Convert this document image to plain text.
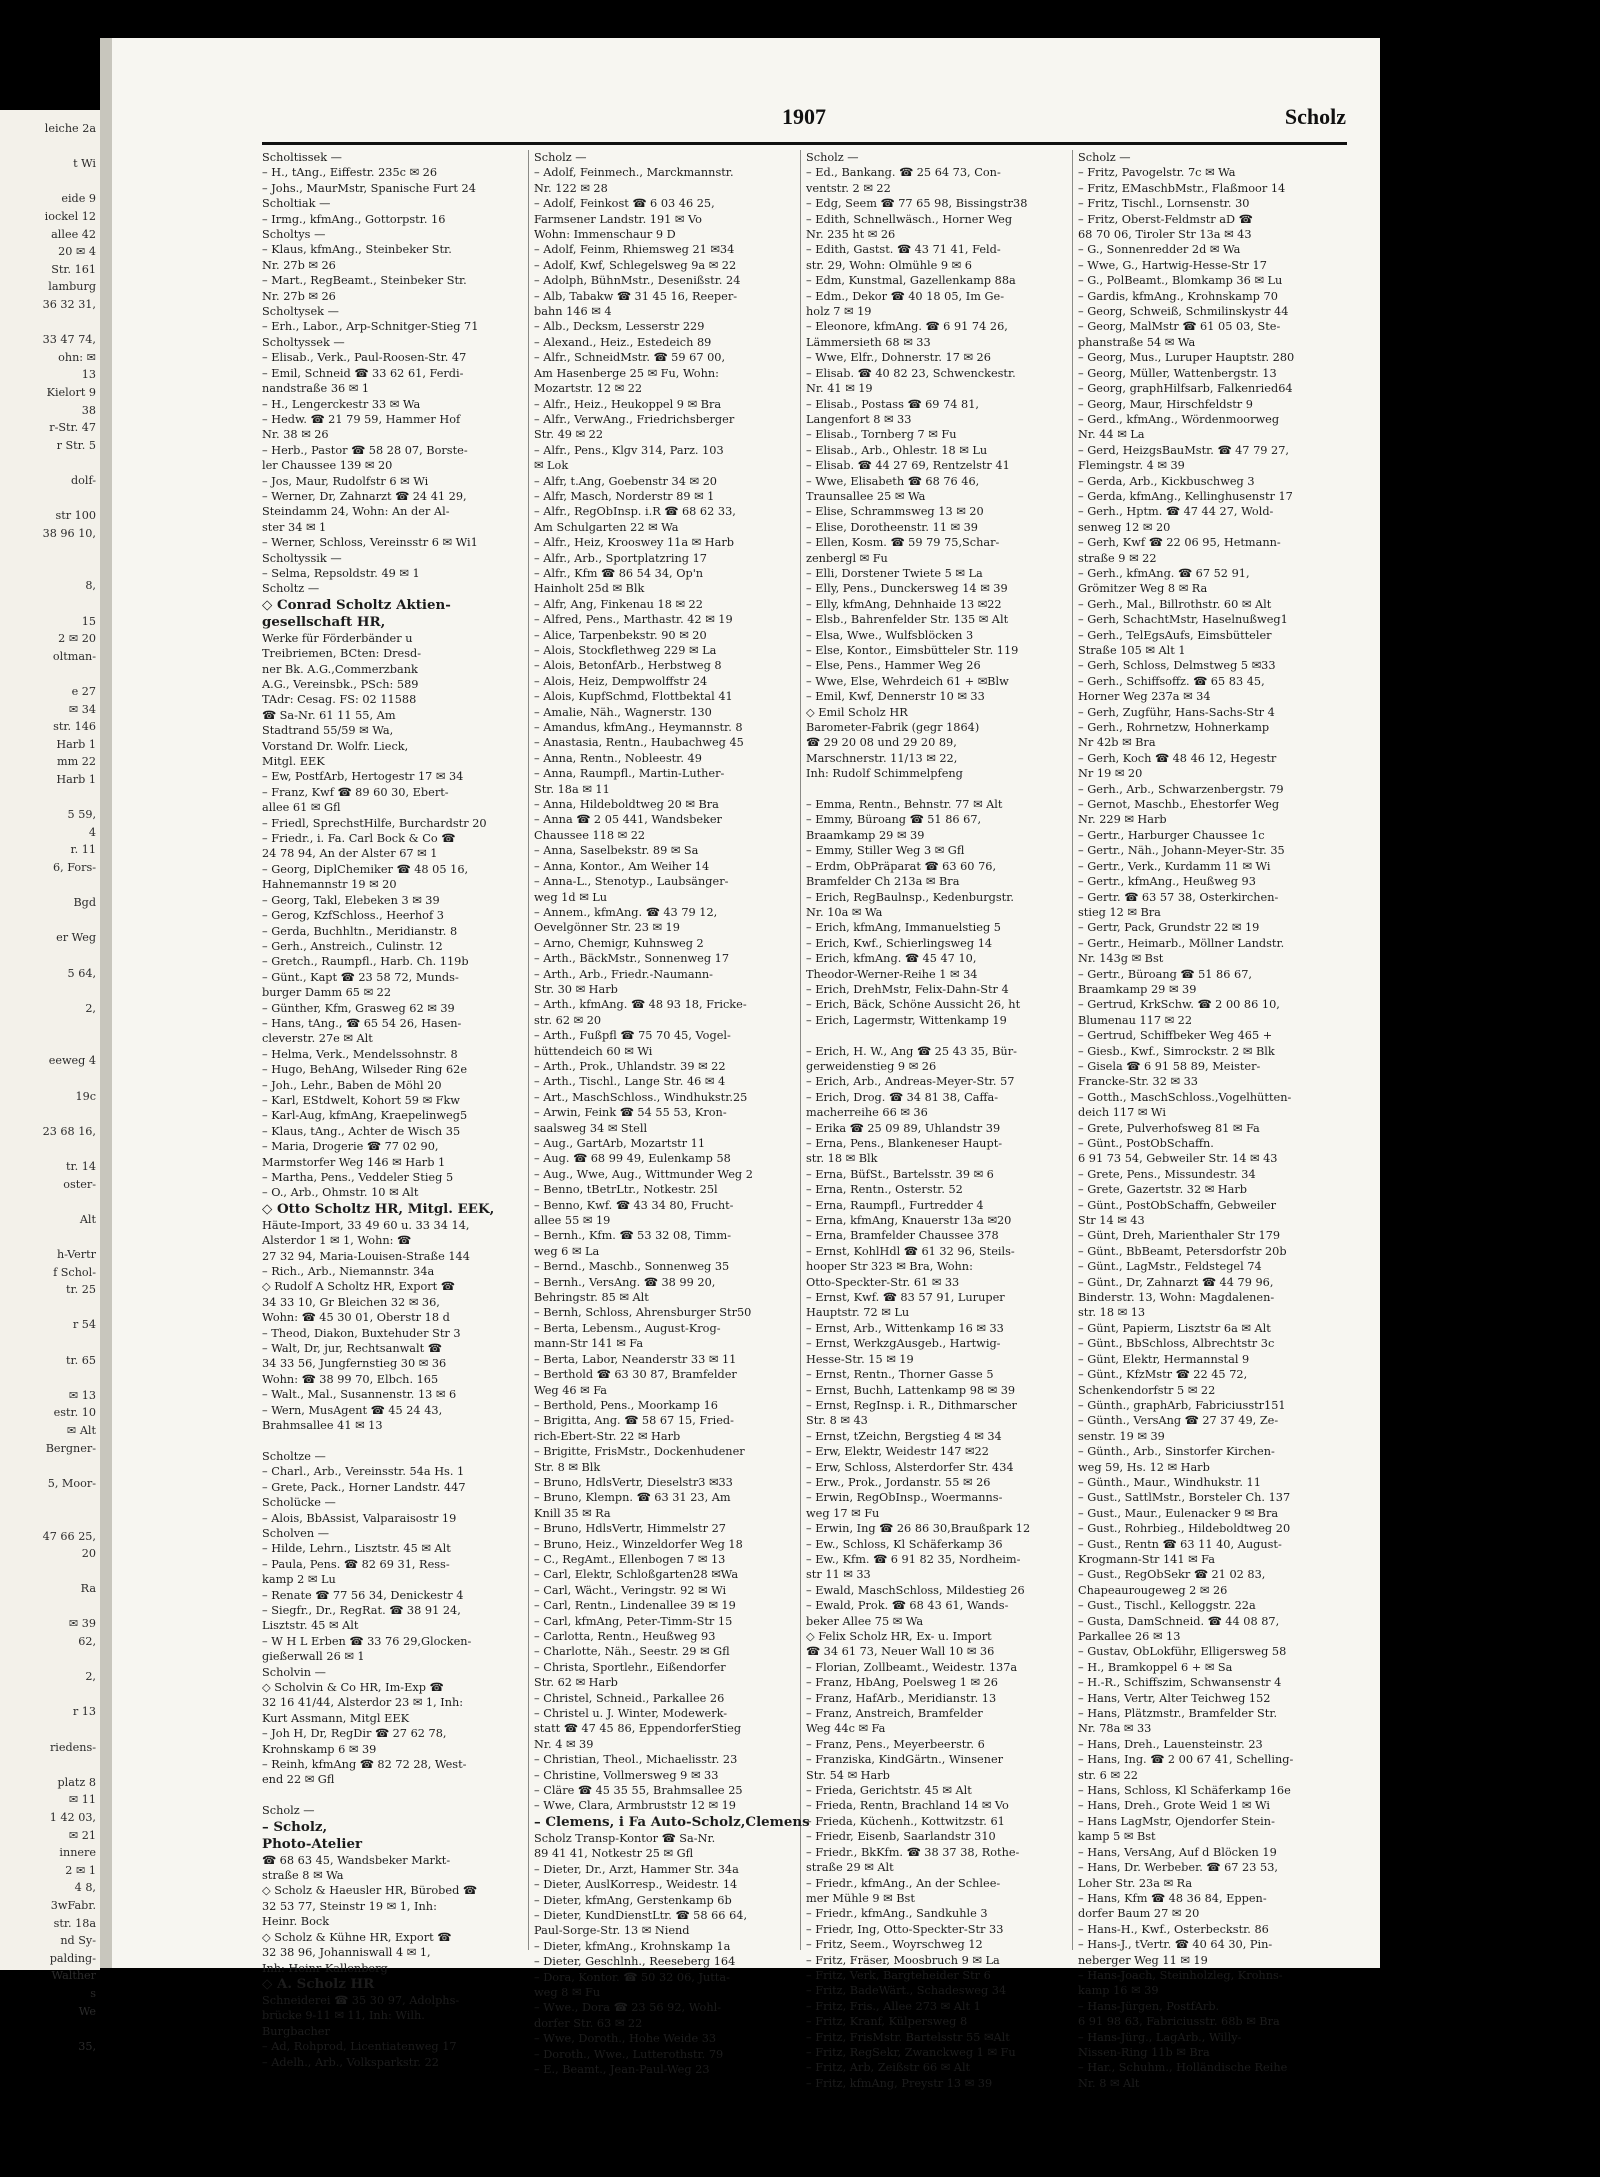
1907	Scholz
Scholtissek —
– H., tAng., Eiffestr. 235c ✉ 26
– Johs., MaurMstr, Spanische Furt 24
Scholtiak —
– Irmg., kfmAng., Gottorpstr. 16
Scholtys —
– Klaus, kfmAng., Steinbeker Str.
Nr. 27b ✉ 26
– Mart., RegBeamt., Steinbeker Str.
Nr. 27b ✉ 26
Scholtysek —
– Erh., Labor., Arp-Schnitger-Stieg 71
Scholtyssek —
– Elisab., Verk., Paul-Roosen-Str. 47
– Emil, Schneid ☎ 33 62 61, Ferdi-
nandstraße 36 ✉ 1
– H., Lengerckestr 33 ✉ Wa
– Hedw. ☎ 21 79 59, Hammer Hof
Nr. 38 ✉ 26
– Herb., Pastor ☎ 58 28 07, Borste-
ler Chaussee 139 ✉ 20
– Jos, Maur, Rudolfstr 6 ✉ Wi
– Werner, Dr, Zahnarzt ☎ 24 41 29,
Steindamm 24, Wohn: An der Al-
ster 34 ✉ 1
– Werner, Schloss, Vereinsstr 6 ✉ Wi1
Scholtyssik —
– Selma, Repsoldstr. 49 ✉ 1
Scholtz —
◇ Conrad Scholtz Aktien-
gesellschaft HR,
Werke für Förderbänder u
Treibriemen, BCten: Dresd-
ner Bk. A.G.,Commerzbank
A.G., Vereinsbk., PSch: 589
TAdr: Cesag. FS: 02 11588
☎ Sa-Nr. 61 11 55, Am
Stadtrand 55/59 ✉ Wa,
Vorstand Dr. Wolfr. Lieck,
Mitgl. EEK
– Ew, PostfArb, Hertogestr 17 ✉ 34
– Franz, Kwf ☎ 89 60 30, Ebert-
allee 61 ✉ Gfl
– Friedl, SprechstHilfe, Burchardstr 20
– Friedr., i. Fa. Carl Bock & Co ☎
24 78 94, An der Alster 67 ✉ 1
– Georg, DiplChemiker ☎ 48 05 16,
Hahnemannstr 19 ✉ 20
– Georg, Takl, Elebeken 3 ✉ 39
– Gerog, KzfSchloss., Heerhof 3
– Gerda, Buchhltn., Meridianstr. 8
– Gerh., Anstreich., Culinstr. 12
– Gretch., Raumpfl., Harb. Ch. 119b
– Günt., Kapt ☎ 23 58 72, Munds-
burger Damm 65 ✉ 22
– Günther, Kfm, Grasweg 62 ✉ 39
– Hans, tAng., ☎ 65 54 26, Hasen-
cleverstr. 27e ✉ Alt
– Helma, Verk., Mendelssohnstr. 8
– Hugo, BehAng, Wilseder Ring 62e
– Joh., Lehr., Baben de Möhl 20
– Karl, EStdwelt, Kohort 59 ✉ Fkw
– Karl-Aug, kfmAng, Kraepelinweg5
– Klaus, tAng., Achter de Wisch 35
– Maria, Drogerie ☎ 77 02 90,
Marmstorfer Weg 146 ✉ Harb 1
– Martha, Pens., Veddeler Stieg 5
– O., Arb., Ohmstr. 10 ✉ Alt
◇ Otto Scholtz HR, Mitgl. EEK,
Häute-Import, 33 49 60 u. 33 34 14,
Alsterdor 1 ✉ 1, Wohn: ☎
27 32 94, Maria-Louisen-Straße 144
– Rich., Arb., Niemannstr. 34a
◇ Rudolf A Scholtz HR, Export ☎
34 33 10, Gr Bleichen 32 ✉ 36,
Wohn: ☎ 45 30 01, Oberstr 18 d
– Theod, Diakon, Buxtehuder Str 3
– Walt, Dr, jur, Rechtsanwalt ☎
34 33 56, Jungfernstieg 30 ✉ 36
Wohn: ☎ 38 99 70, Elbch. 165
– Walt., Mal., Susannenstr. 13 ✉ 6
– Wern, MusAgent ☎ 45 24 43,
Brahmsallee 41 ✉ 13

Scholtze —
– Charl., Arb., Vereinsstr. 54a Hs. 1
– Grete, Pack., Horner Landstr. 447
Scholücke —
– Alois, BbAssist, Valparaisostr 19
Scholven —
– Hilde, Lehrn., Lisztstr. 45 ✉ Alt
– Paula, Pens. ☎ 82 69 31, Ress-
kamp 2 ✉ Lu
– Renate ☎ 77 56 34, Denickestr 4
– Siegfr., Dr., RegRat. ☎ 38 91 24,
Lisztstr. 45 ✉ Alt
– W H L Erben ☎ 33 76 29,Glocken-
gießerwall 26 ✉ 1
Scholvin —
◇ Scholvin & Co HR, Im-Exp ☎
32 16 41/44, Alsterdor 23 ✉ 1, Inh:
Kurt Assmann, Mitgl EEK
– Joh H, Dr, RegDir ☎ 27 62 78,
Krohnskamp 6 ✉ 39
– Reinh, kfmAng ☎ 82 72 28, West-
end 22 ✉ Gfl

Scholz —
– Scholz,
Photo-Atelier
☎ 68 63 45, Wandsbeker Markt-
straße 8 ✉ Wa
◇ Scholz & Haeusler HR, Bürobed ☎
32 53 77, Steinstr 19 ✉ 1, Inh:
Heinr. Bock
◇ Scholz & Kühne HR, Export ☎
32 38 96, Johanniswall 4 ✉ 1,
Inh: Heinr Kallenberg
◇ A. Scholz HR
Schneiderei ☎ 35 30 97, Adolphs-
brücke 9-11 ✉ 11, Inh: Wilh.
Burgbacher
– Ad, Rohprod, Licentiatenweg 17
– Adelh., Arb., Volksparkstr. 22
Scholz —
– Adolf, Feinmech., Marckmannstr.
Nr. 122 ✉ 28
– Adolf, Feinkost ☎ 6 03 46 25,
Farmsener Landstr. 191 ✉ Vo
Wohn: Immenschaur 9 D
– Adolf, Feinm, Rhiemsweg 21 ✉34
– Adolf, Kwf, Schlegelsweg 9a ✉ 22
– Adolph, BühnMstr., Desenißstr. 24
– Alb, Tabakw ☎ 31 45 16, Reeper-
bahn 146 ✉ 4
– Alb., Decksm, Lesserstr 229
– Alexand., Heiz., Estedeich 89
– Alfr., SchneidMstr. ☎ 59 67 00,
Am Hasenberge 25 ✉ Fu, Wohn:
Mozartstr. 12 ✉ 22
– Alfr., Heiz., Heukoppel 9 ✉ Bra
– Alfr., VerwAng., Friedrichsberger
Str. 49 ✉ 22
– Alfr., Pens., Klgv 314, Parz. 103
✉ Lok
– Alfr, t.Ang, Goebenstr 34 ✉ 20
– Alfr, Masch, Norderstr 89 ✉ 1
– Alfr., RegObInsp. i.R ☎ 68 62 33,
Am Schulgarten 22 ✉ Wa
– Alfr., Heiz, Krooswey 11a ✉ Harb
– Alfr., Arb., Sportplatzring 17
– Alfr., Kfm ☎ 86 54 34, Op'n
Hainholt 25d ✉ Blk
– Alfr, Ang, Finkenau 18 ✉ 22
– Alfred, Pens., Marthastr. 42 ✉ 19
– Alice, Tarpenbekstr. 90 ✉ 20
– Alois, Stockflethweg 229 ✉ La
– Alois, BetonfArb., Herbstweg 8
– Alois, Heiz, Dempwolffstr 24
– Alois, KupfSchmd, Flottbektal 41
– Amalie, Näh., Wagnerstr. 130
– Amandus, kfmAng., Heymannstr. 8
– Anastasia, Rentn., Haubachweg 45
– Anna, Rentn., Nobleestr. 49
– Anna, Raumpfl., Martin-Luther-
Str. 18a ✉ 11
– Anna, Hildeboldtweg 20 ✉ Bra
– Anna ☎ 2 05 441, Wandsbeker
Chaussee 118 ✉ 22
– Anna, Saselbekstr. 89 ✉ Sa
– Anna, Kontor., Am Weiher 14
– Anna-L., Stenotyp., Laubsänger-
weg 1d ✉ Lu
– Annem., kfmAng. ☎ 43 79 12,
Oevelgönner Str. 23 ✉ 19
– Arno, Chemigr, Kuhnsweg 2
– Arth., BäckMstr., Sonnenweg 17
– Arth., Arb., Friedr.-Naumann-
Str. 30 ✉ Harb
– Arth., kfmAng. ☎ 48 93 18, Fricke-
str. 62 ✉ 20
– Arth., Fußpfl ☎ 75 70 45, Vogel-
hüttendeich 60 ✉ Wi
– Arth., Prok., Uhlandstr. 39 ✉ 22
– Arth., Tischl., Lange Str. 46 ✉ 4
– Art., MaschSchloss., Windhukstr.25
– Arwin, Feink ☎ 54 55 53, Kron-
saalsweg 34 ✉ Stell
– Aug., GartArb, Mozartstr 11
– Aug. ☎ 68 99 49, Eulenkamp 58
– Aug., Wwe, Aug., Wittmunder Weg 2
– Benno, tBetrLtr., Notkestr. 25l
– Benno, Kwf. ☎ 43 34 80, Frucht-
allee 55 ✉ 19
– Bernh., Kfm. ☎ 53 32 08, Timm-
weg 6 ✉ La
– Bernd., Maschb., Sonnenweg 35
– Bernh., VersAng. ☎ 38 99 20,
Behringstr. 85 ✉ Alt
– Bernh, Schloss, Ahrensburger Str50
– Berta, Lebensm., August-Krog-
mann-Str 141 ✉ Fa
– Berta, Labor, Neanderstr 33 ✉ 11
– Berthold ☎ 63 30 87, Bramfelder
Weg 46 ✉ Fa
– Berthold, Pens., Moorkamp 16
– Brigitta, Ang. ☎ 58 67 15, Fried-
rich-Ebert-Str. 22 ✉ Harb
– Brigitte, FrisMstr., Dockenhudener
Str. 8 ✉ Blk
– Bruno, HdlsVertr, Dieselstr3 ✉33
– Bruno, Klempn. ☎ 63 31 23, Am
Knill 35 ✉ Ra
– Bruno, HdlsVertr, Himmelstr 27
– Bruno, Heiz., Winzeldorfer Weg 18
– C., RegAmt., Ellenbogen 7 ✉ 13
– Carl, Elektr, Schloßgarten28 ✉Wa
– Carl, Wächt., Veringstr. 92 ✉ Wi
– Carl, Rentn., Lindenallee 39 ✉ 19
– Carl, kfmAng, Peter-Timm-Str 15
– Carlotta, Rentn., Heußweg 93
– Charlotte, Näh., Seestr. 29 ✉ Gfl
– Christa, Sportlehr., Eißendorfer
Str. 62 ✉ Harb
– Christel, Schneid., Parkallee 26
– Christel u. J. Winter, Modewerk-
statt ☎ 47 45 86, EppendorferStieg
Nr. 4 ✉ 39
– Christian, Theol., Michaelisstr. 23
– Christine, Vollmersweg 9 ✉ 33
– Cläre ☎ 45 35 55, Brahmsallee 25
– Wwe, Clara, Armbruststr 12 ✉ 19
– Clemens, i Fa Auto-Scholz,Clemens
Scholz Transp-Kontor ☎ Sa-Nr.
89 41 41, Notkestr 25 ✉ Gfl
– Dieter, Dr., Arzt, Hammer Str. 34a
– Dieter, AuslKorresp., Weidestr. 14
– Dieter, kfmAng, Gerstenkamp 6b
– Dieter, KundDienstLtr. ☎ 58 66 64,
Paul-Sorge-Str. 13 ✉ Niend
– Dieter, kfmAng., Krohnskamp 1a
– Dieter, Geschlnh., Reeseberg 164
– Dora, Kontor. ☎ 50 32 06, Jutta-
weg 8 ✉ Fu
– Wwe., Dora ☎ 23 56 92, Wohl-
dorfer Str. 63 ✉ 22
– Wwe, Doroth., Hohe Weide 33
– Doroth., Wwe., Lutterothstr. 79
– E., Beamt., Jean-Paul-Weg 23
Scholz —
– Ed., Bankang. ☎ 25 64 73, Con-
ventstr. 2 ✉ 22
– Edg, Seem ☎ 77 65 98, Bissingstr38
– Edith, Schnellwäsch., Horner Weg
Nr. 235 ht ✉ 26
– Edith, Gastst. ☎ 43 71 41, Feld-
str. 29, Wohn: Olmühle 9 ✉ 6
– Edm, Kunstmal, Gazellenkamp 88a
– Edm., Dekor ☎ 40 18 05, Im Ge-
holz 7 ✉ 19
– Eleonore, kfmAng. ☎ 6 91 74 26,
Lämmersieth 68 ✉ 33
– Wwe, Elfr., Dohnerstr. 17 ✉ 26
– Elisab. ☎ 40 82 23, Schwenckestr.
Nr. 41 ✉ 19
– Elisab., Postass ☎ 69 74 81,
Langenfort 8 ✉ 33
– Elisab., Tornberg 7 ✉ Fu
– Elisab., Arb., Ohlestr. 18 ✉ Lu
– Elisab. ☎ 44 27 69, Rentzelstr 41
– Wwe, Elisabeth ☎ 68 76 46,
Traunsallee 25 ✉ Wa
– Elise, Schrammsweg 13 ✉ 20
– Elise, Dorotheenstr. 11 ✉ 39
– Ellen, Kosm. ☎ 59 79 75,Schar-
zenbergl ✉ Fu
– Elli, Dorstener Twiete 5 ✉ La
– Elly, Pens., Dunckersweg 14 ✉ 39
– Elly, kfmAng, Dehnhaide 13 ✉22
– Elsb., Bahrenfelder Str. 135 ✉ Alt
– Elsa, Wwe., Wulfsblöcken 3
– Else, Kontor., Eimsbütteler Str. 119
– Else, Pens., Hammer Weg 26
– Wwe, Else, Wehrdeich 61 + ✉Blw
– Emil, Kwf, Dennerstr 10 ✉ 33
◇ Emil Scholz HR
Barometer-Fabrik (gegr 1864)
☎ 29 20 08 und 29 20 89,
Marschnerstr. 11/13 ✉ 22,
Inh: Rudolf Schimmelpfeng

– Emma, Rentn., Behnstr. 77 ✉ Alt
– Emmy, Büroang ☎ 51 86 67,
Braamkamp 29 ✉ 39
– Emmy, Stiller Weg 3 ✉ Gfl
– Erdm, ObPräparat ☎ 63 60 76,
Bramfelder Ch 213a ✉ Bra
– Erich, RegBaulnsp., Kedenburgstr.
Nr. 10a ✉ Wa
– Erich, kfmAng, Immanuelstieg 5
– Erich, Kwf., Schierlingsweg 14
– Erich, kfmAng. ☎ 45 47 10,
Theodor-Werner-Reihe 1 ✉ 34
– Erich, DrehMstr, Felix-Dahn-Str 4
– Erich, Bäck, Schöne Aussicht 26, ht
– Erich, Lagermstr, Wittenkamp 19

– Erich, H. W., Ang ☎ 25 43 35, Bür-
gerweidenstieg 9 ✉ 26
– Erich, Arb., Andreas-Meyer-Str. 57
– Erich, Drog. ☎ 34 81 38, Caffa-
macherreihe 66 ✉ 36
– Erika ☎ 25 09 89, Uhlandstr 39
– Erna, Pens., Blankeneser Haupt-
str. 18 ✉ Blk
– Erna, BüfSt., Bartelsstr. 39 ✉ 6
– Erna, Rentn., Osterstr. 52
– Erna, Raumpfl., Furtredder 4
– Erna, kfmAng, Knauerstr 13a ✉20
– Erna, Bramfelder Chaussee 378
– Ernst, KohlHdl ☎ 61 32 96, Steils-
hooper Str 323 ✉ Bra, Wohn:
Otto-Speckter-Str. 61 ✉ 33
– Ernst, Kwf. ☎ 83 57 91, Luruper
Hauptstr. 72 ✉ Lu
– Ernst, Arb., Wittenkamp 16 ✉ 33
– Ernst, WerkzgAusgeb., Hartwig-
Hesse-Str. 15 ✉ 19
– Ernst, Rentn., Thorner Gasse 5
– Ernst, Buchh, Lattenkamp 98 ✉ 39
– Ernst, RegInsp. i. R., Dithmarscher
Str. 8 ✉ 43
– Ernst, tZeichn, Bergstieg 4 ✉ 34
– Erw, Elektr, Weidestr 147 ✉22
– Erw, Schloss, Alsterdorfer Str. 434
– Erw., Prok., Jordanstr. 55 ✉ 26
– Erwin, RegObInsp., Woermanns-
weg 17 ✉ Fu
– Erwin, Ing ☎ 26 86 30,Braußpark 12
– Ew., Schloss, Kl Schäferkamp 36
– Ew., Kfm. ☎ 6 91 82 35, Nordheim-
str 11 ✉ 33
– Ewald, MaschSchloss, Mildestieg 26
– Ewald, Prok. ☎ 68 43 61, Wands-
beker Allee 75 ✉ Wa
◇ Felix Scholz HR, Ex- u. Import
☎ 34 61 73, Neuer Wall 10 ✉ 36
– Florian, Zollbeamt., Weidestr. 137a
– Franz, HbAng, Poelsweg 1 ✉ 26
– Franz, HafArb., Meridianstr. 13
– Franz, Anstreich, Bramfelder
Weg 44c ✉ Fa
– Franz, Pens., Meyerbeerstr. 6
– Franziska, KindGärtn., Winsener
Str. 54 ✉ Harb
– Frieda, Gerichtstr. 45 ✉ Alt
– Frieda, Rentn, Brachland 14 ✉ Vo
– Frieda, Küchenh., Kottwitzstr. 61
– Friedr, Eisenb, Saarlandstr 310
– Friedr., BkKfm. ☎ 38 37 38, Rothe-
straße 29 ✉ Alt
– Friedr., kfmAng., An der Schlee-
mer Mühle 9 ✉ Bst
– Friedr., kfmAng., Sandkuhle 3
– Friedr, Ing, Otto-Speckter-Str 33
– Fritz, Seem., Woyrschweg 12
– Fritz, Fräser, Moosbruch 9 ✉ La
– Fritz, Verk, Bargteheider Str 6
– Fritz, BadeWärt., Schadesweg 34
– Fritz, Fris., Allee 273 ✉ Alt 1
– Fritz, Kranf, Külpersweg 8
– Fritz, FrisMstr. Bartelsstr 55 ✉Alt
– Fritz, RegSekr, Zwanckweg 1 ✉ Fu
– Fritz, Arb, Zeißstr 66 ✉ Alt
– Fritz, kfmAng, Preystr 13 ✉ 39
Scholz —
– Fritz, Pavogelstr. 7c ✉ Wa
– Fritz, EMaschbMstr., Flaßmoor 14
– Fritz, Tischl., Lornsenstr. 30
– Fritz, Oberst-Feldmstr aD ☎
68 70 06, Tiroler Str 13a ✉ 43
– G., Sonnenredder 2d ✉ Wa
– Wwe, G., Hartwig-Hesse-Str 17
– G., PolBeamt., Blomkamp 36 ✉ Lu
– Gardis, kfmAng., Krohnskamp 70
– Georg, Schweiß, Schmilinskystr 44
– Georg, MalMstr ☎ 61 05 03, Ste-
phanstraße 54 ✉ Wa
– Georg, Mus., Luruper Hauptstr. 280
– Georg, Müller, Wattenbergstr. 13
– Georg, graphHilfsarb, Falkenried64
– Georg, Maur, Hirschfeldstr 9
– Gerd., kfmAng., Wördenmoorweg
Nr. 44 ✉ La
– Gerd, HeizgsBauMstr. ☎ 47 79 27,
Flemingstr. 4 ✉ 39
– Gerda, Arb., Kickbuschweg 3
– Gerda, kfmAng., Kellinghusenstr 17
– Gerh., Hptm. ☎ 47 44 27, Wold-
senweg 12 ✉ 20
– Gerh, Kwf ☎ 22 06 95, Hetmann-
straße 9 ✉ 22
– Gerh., kfmAng. ☎ 67 52 91,
Grömitzer Weg 8 ✉ Ra
– Gerh., Mal., Billrothstr. 60 ✉ Alt
– Gerh, SchachtMstr, Haselnußweg1
– Gerh., TelEgsAufs, Eimsbütteler
Straße 105 ✉ Alt 1
– Gerh, Schloss, Delmstweg 5 ✉33
– Gerh., Schiffsoffz. ☎ 65 83 45,
Horner Weg 237a ✉ 34
– Gerh, Zugführ, Hans-Sachs-Str 4
– Gerh., Rohrnetzw, Hohnerkamp
Nr 42b ✉ Bra
– Gerh, Koch ☎ 48 46 12, Hegestr
Nr 19 ✉ 20
– Gerh., Arb., Schwarzenbergstr. 79
– Gernot, Maschb., Ehestorfer Weg
Nr. 229 ✉ Harb
– Gertr., Harburger Chaussee 1c
– Gertr., Näh., Johann-Meyer-Str. 35
– Gertr., Verk., Kurdamm 11 ✉ Wi
– Gertr., kfmAng., Heußweg 93
– Gertr. ☎ 63 57 38, Osterkirchen-
stieg 12 ✉ Bra
– Gertr, Pack, Grundstr 22 ✉ 19
– Gertr., Heimarb., Möllner Landstr.
Nr. 143g ✉ Bst
– Gertr., Büroang ☎ 51 86 67,
Braamkamp 29 ✉ 39
– Gertrud, KrkSchw. ☎ 2 00 86 10,
Blumenau 117 ✉ 22
– Gertrud, Schiffbeker Weg 465 +
– Giesb., Kwf., Simrockstr. 2 ✉ Blk
– Gisela ☎ 6 91 58 89, Meister-
Francke-Str. 32 ✉ 33
– Gotth., MaschSchloss.,Vogelhütten-
deich 117 ✉ Wi
– Grete, Pulverhofsweg 81 ✉ Fa
– Günt., PostObSchaffn.
6 91 73 54, Gebweiler Str. 14 ✉ 43
– Grete, Pens., Missundestr. 34
– Grete, Gazertstr. 32 ✉ Harb
– Günt., PostObSchaffn, Gebweiler
Str 14 ✉ 43
– Günt, Dreh, Marienthaler Str 179
– Günt., BbBeamt, Petersdorfstr 20b
– Günt., LagMstr., Feldstegel 74
– Günt., Dr, Zahnarzt ☎ 44 79 96,
Binderstr. 13, Wohn: Magdalenen-
str. 18 ✉ 13
– Günt, Papierm, Lisztstr 6a ✉ Alt
– Günt., BbSchloss, Albrechtstr 3c
– Günt, Elektr, Hermannstal 9
– Günt., KfzMstr ☎ 22 45 72,
Schenkendorfstr 5 ✉ 22
– Günth., graphArb, Fabriciusstr151
– Günth., VersAng ☎ 27 37 49, Ze-
senstr. 19 ✉ 39
– Günth., Arb., Sinstorfer Kirchen-
weg 59, Hs. 12 ✉ Harb
– Günth., Maur., Windhukstr. 11
– Gust., SattlMstr., Borsteler Ch. 137
– Gust., Maur., Eulenacker 9 ✉ Bra
– Gust., Rohrbieg., Hildeboldtweg 20
– Gust., Rentn ☎ 63 11 40, August-
Krogmann-Str 141 ✉ Fa
– Gust., RegObSekr ☎ 21 02 83,
Chapeaurougeweg 2 ✉ 26
– Gust., Tischl., Kelloggstr. 22a
– Gusta, DamSchneid. ☎ 44 08 87,
Parkallee 26 ✉ 13
– Gustav, ObLokführ, Elligersweg 58
– H., Bramkoppel 6 + ✉ Sa
– H.-R., Schiffszim, Schwansenstr 4
– Hans, Vertr, Alter Teichweg 152
– Hans, Plätzmstr., Bramfelder Str.
Nr. 78a ✉ 33
– Hans, Dreh., Lauensteinstr. 23
– Hans, Ing. ☎ 2 00 67 41, Schelling-
str. 6 ✉ 22
– Hans, Schloss, Kl Schäferkamp 16e
– Hans, Dreh., Grote Weid 1 ✉ Wi
– Hans LagMstr, Ojendorfer Stein-
kamp 5 ✉ Bst
– Hans, VersAng, Auf d Blöcken 19
– Hans, Dr. Werbeber. ☎ 67 23 53,
Loher Str. 23a ✉ Ra
– Hans, Kfm ☎ 48 36 84, Eppen-
dorfer Baum 27 ✉ 20
– Hans-H., Kwf., Osterbeckstr. 86
– Hans-J., tVertr. ☎ 40 64 30, Pin-
neberger Weg 11 ✉ 19
– Hans-Joach, Steinholzleg, Krohns-
kamp 16 ✉ 39
– Hans-Jürgen, PostfArb.
6 91 98 63, Fabriciusstr. 68b ✉ Bra
– Hans-Jürg., LagArb., Willy-
Nissen-Ring 11b ✉ Bra
– Har., Schuhm., Holländische Reihe
Nr. 8 ✉ Alt
leiche 2a

t Wi

eide 9
iockel 12
allee 42
20 ✉ 4
Str. 161
lamburg
36 32 31,

33 47 74,
ohn: ✉
13
Kielort 9
38
r-Str. 47
r Str. 5

dolf-

str 100
38 96 10,

8,

15
2 ✉ 20
oltman-

e 27
✉ 34
str. 146
Harb 1
mm 22
Harb 1

5 59,
4
r. 11
6, Fors-

Bgd

er Weg

5 64,

2,

eeweg 4

19c

23 68 16,

tr. 14
oster-

Alt

h-Vertr
f Schol-
tr. 25

r 54

tr. 65

✉ 13
estr. 10
✉ Alt
Bergner-

5, Moor-

47 66 25,
20

Ra

✉ 39
62,

2,

r 13

riedens-

platz 8
✉ 11
1 42 03,
✉ 21
innere
2 ✉ 1
4 8,
3wFabr.
str. 18a
nd Sy-
palding-
Walther
s
We

35,
